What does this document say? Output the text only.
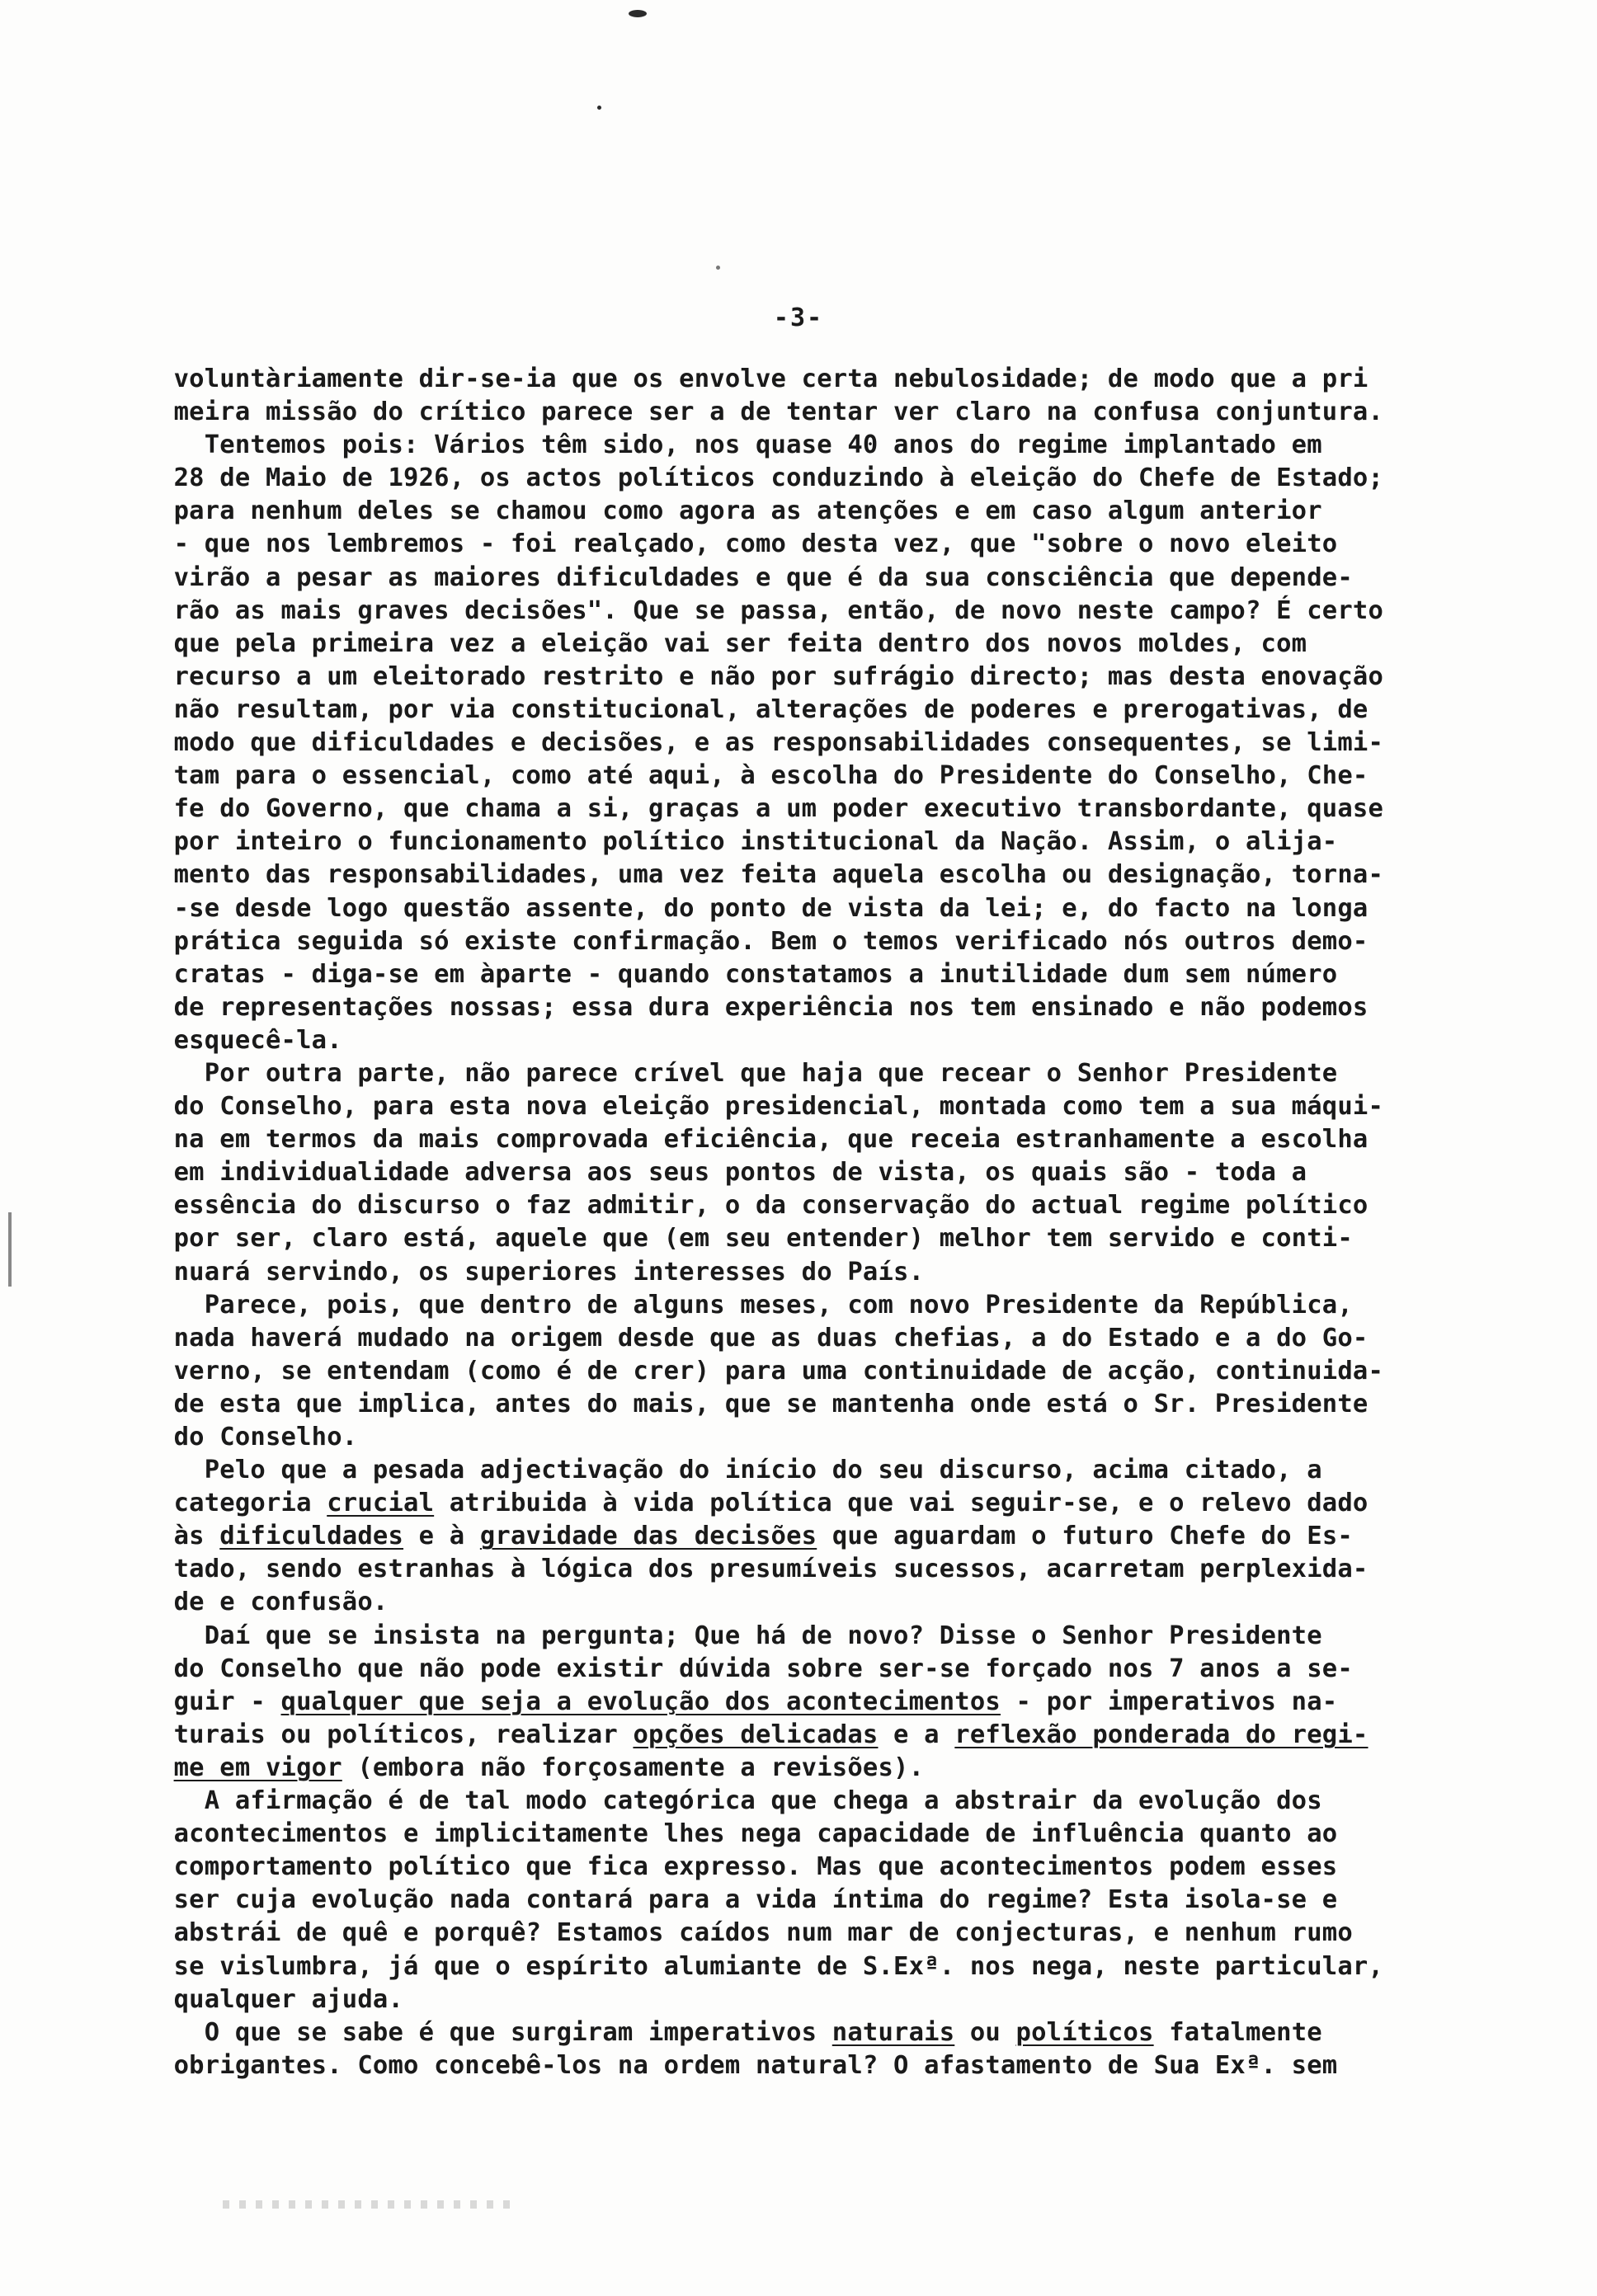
-3-
voluntàriamente dir-se-ia que os envolve certa nebulosidade; de modo que a pri
meira missão do crítico parece ser a de tentar ver claro na confusa conjuntura.
Tentemos pois: Vários têm sido, nos quase 40 anos do regime implantado em
28 de Maio de 1926, os actos políticos conduzindo à eleição do Chefe de Estado;
para nenhum deles se chamou como agora as atenções e em caso algum anterior
- que nos lembremos - foi realçado, como desta vez, que "sobre o novo eleito
virão a pesar as maiores dificuldades e que é da sua consciência que depende-
rão as mais graves decisões". Que se passa, então, de novo neste campo? É certo
que pela primeira vez a eleição vai ser feita dentro dos novos moldes, com
recurso a um eleitorado restrito e não por sufrágio directo; mas desta enovação
não resultam, por via constitucional, alterações de poderes e prerogativas, de
modo que dificuldades e decisões, e as responsabilidades consequentes, se limi-
tam para o essencial, como até aqui, à escolha do Presidente do Conselho, Che-
fe do Governo, que chama a si, graças a um poder executivo transbordante, quase
por inteiro o funcionamento político institucional da Nação. Assim, o alija-
mento das responsabilidades, uma vez feita aquela escolha ou designação, torna-
-se desde logo questão assente, do ponto de vista da lei; e, do facto na longa
prática seguida só existe confirmação. Bem o temos verificado nós outros demo-
cratas - diga-se em àparte - quando constatamos a inutilidade dum sem número
de representações nossas; essa dura experiência nos tem ensinado e não podemos
esquecê-la.
Por outra parte, não parece crível que haja que recear o Senhor Presidente
do Conselho, para esta nova eleição presidencial, montada como tem a sua máqui-
na em termos da mais comprovada eficiência, que receia estranhamente a escolha
em individualidade adversa aos seus pontos de vista, os quais são - toda a
essência do discurso o faz admitir, o da conservação do actual regime político
por ser, claro está, aquele que (em seu entender) melhor tem servido e conti-
nuará servindo, os superiores interesses do País.
Parece, pois, que dentro de alguns meses, com novo Presidente da República,
nada haverá mudado na origem desde que as duas chefias, a do Estado e a do Go-
verno, se entendam (como é de crer) para uma continuidade de acção, continuida-
de esta que implica, antes do mais, que se mantenha onde está o Sr. Presidente
do Conselho.
Pelo que a pesada adjectivação do início do seu discurso, acima citado, a
categoria crucial atribuida à vida política que vai seguir-se, e o relevo dado
às dificuldades e à gravidade das decisões que aguardam o futuro Chefe do Es-
tado, sendo estranhas à lógica dos presumíveis sucessos, acarretam perplexida-
de e confusão.
Daí que se insista na pergunta; Que há de novo? Disse o Senhor Presidente
do Conselho que não pode existir dúvida sobre ser-se forçado nos 7 anos a se-
guir - qualquer que seja a evolução dos acontecimentos - por imperativos na-
turais ou políticos, realizar opções delicadas e a reflexão ponderada do regi-
me em vigor (embora não forçosamente a revisões).
A afirmação é de tal modo categórica que chega a abstrair da evolução dos
acontecimentos e implicitamente lhes nega capacidade de influência quanto ao
comportamento político que fica expresso. Mas que acontecimentos podem esses
ser cuja evolução nada contará para a vida íntima do regime? Esta isola-se e
abstrái de quê e porquê? Estamos caídos num mar de conjecturas, e nenhum rumo
se vislumbra, já que o espírito alumiante de S.Exª. nos nega, neste particular,
qualquer ajuda.
O que se sabe é que surgiram imperativos naturais ou políticos fatalmente
obrigantes. Como concebê-los na ordem natural? O afastamento de Sua Exª. sem
